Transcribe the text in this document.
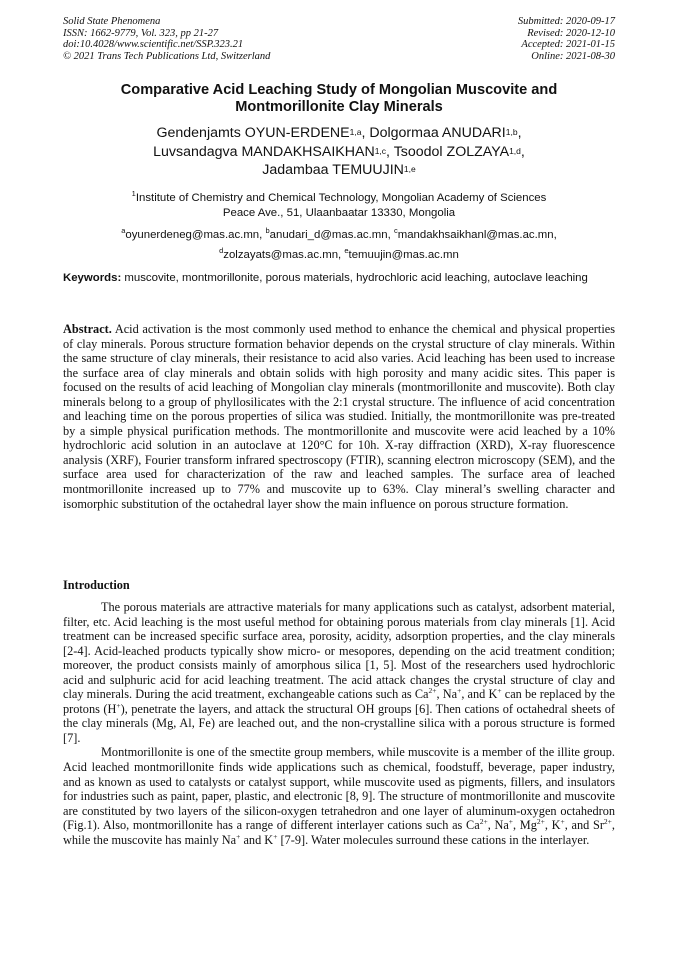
Solid State Phenomena
ISSN: 1662-9779, Vol. 323, pp 21-27
doi:10.4028/www.scientific.net/SSP.323.21
© 2021 Trans Tech Publications Ltd, Switzerland
Submitted: 2020-09-17
Revised: 2020-12-10
Accepted: 2021-01-15
Online: 2021-08-30
Comparative Acid Leaching Study of Mongolian Muscovite and
Montmorillonite Clay Minerals
Gendenjamts OYUN-ERDENE$^{1,a}$, Dolgormaa ANUDARI$^{1,b}$,
Luvsandagva MANDAKHSAIKHAN$^{1,c}$, Tsoodol ZOLZAYA$^{1,d}$,
Jadambaa TEMUUJIN$^{1,e}$
$^1$Institute of Chemistry and Chemical Technology, Mongolian Academy of Sciences
Peace Ave., 51, Ulaanbaatar 13330, Mongolia
$^a$oyunerdeneg@mas.ac.mn, $^b$anudari_d@mas.ac.mn, $^c$mandakhsaikhanl@mas.ac.mn,
$^d$zolzayats@mas.ac.mn, $^e$temuujin@mas.ac.mn
Keywords: muscovite, montmorillonite, porous materials, hydrochloric acid leaching, autoclave leaching
Abstract. Acid activation is the most commonly used method to enhance the chemical and physical properties of clay minerals. Porous structure formation behavior depends on the crystal structure of clay minerals. Within the same structure of clay minerals, their resistance to acid also varies. Acid leaching has been used to increase the surface area of clay minerals and obtain solids with high porosity and many acidic sites. This paper is focused on the results of acid leaching of Mongolian clay minerals (montmorillonite and muscovite). Both clay minerals belong to a group of phyllosilicates with the 2:1 crystal structure. The influence of acid concentration and leaching time on the porous properties of silica was studied. Initially, the montmorillonite was pre-treated by a simple physical purification methods. The montmorillonite and muscovite were acid leached by a 10% hydrochloric acid solution in an autoclave at 120°C for 10h. X-ray diffraction (XRD), X-ray fluorescence analysis (XRF), Fourier transform infrared spectroscopy (FTIR), scanning electron microscopy (SEM), and the surface area used for characterization of the raw and leached samples. The surface area of leached montmorillonite increased up to 77% and muscovite up to 63%. Clay mineral’s swelling character and isomorphic substitution of the octahedral layer show the main influence on porous structure formation.
Introduction

The porous materials are attractive materials for many applications such as catalyst, adsorbent material, filter, etc. Acid leaching is the most useful method for obtaining porous materials from clay minerals [1]. Acid treatment can be increased specific surface area, porosity, acidity, adsorption properties, and the clay minerals [2-4]. Acid-leached products typically show micro- or mesopores, depending on the acid treatment condition; moreover, the product consists mainly of amorphous silica [1, 5]. Most of the researchers used hydrochloric acid and sulphuric acid for acid leaching treatment. The acid attack changes the crystal structure of clay and clay minerals. During the acid treatment, exchangeable cations such as $Ca^{2+}$, Na+, and K+ can be replaced by the protons (H+), penetrate the layers, and attack the structural OH groups [6]. Then cations of octahedral sheets of the clay minerals (Mg, Al, Fe) are leached out, and the non-crystalline silica with a porous structure is formed [7].

Montmorillonite is one of the smectite group members, while muscovite is a member of the illite group. Acid leached montmorillonite finds wide applications such as chemical, foodstuff, beverage, paper industry, and as known as used to catalysts or catalyst support, while muscovite used as pigments, fillers, and insulators for industries such as paint, paper, plastic, and electronic [8, 9]. The structure of montmorillonite and muscovite are constituted by two layers of the silicon-oxygen tetrahedron and one layer of aluminum-oxygen octahedron (Fig.1). Also, montmorillonite has a range of different interlayer cations such as $Ca^{2+}$, Na+, $Mg^{2+}$, K+, and $Sr^{2+}$, while the muscovite has mainly Na+ and K+ [7-9]. Water molecules surround these cations in the interlayer.
